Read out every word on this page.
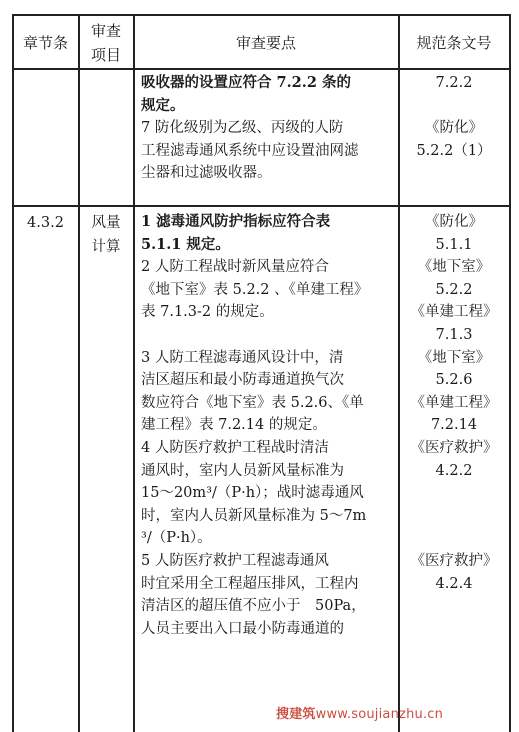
章节条
审查
项目
审查要点	规范条文号
吸收器的设置应符合 7.2.2 条的
规定。
7 防化级别为乙级、丙级的人防
工程滤毒通风系统中应设置油网滤
尘器和过滤吸收器。
7.2.2
《防化》
5.2.2（1）
4.3.2	风量
计算
1 滤毒通风防护指标应符合表
5.1.1 规定。
2 人防工程战时新风量应符合
《地下室》表 5.2.2 、《单建工程》
表 7.1.3-2 的规定。
3 人防工程滤毒通风设计中，清
洁区超压和最小防毒通道换气次
数应符合《地下室》表 5.2.6、《单
建工程》表 7.2.14 的规定。
4 人防医疗救护工程战时清洁
通风时，室内人员新风量标准为
15～20m³/（P·h）；战时滤毒通风
时，室内人员新风量标准为 5～7m
³/（P·h）。
5 人防医疗救护工程滤毒通风
时宜采用全工程超压排风，工程内
清洁区的超压值不应小于　50Pa，
人员主要出入口最小防毒通道的
《防化》
5.1.1
《地下室》
5.2.2
《单建工程》
7.1.3
《地下室》
5.2.6
《单建工程》
7.2.14
《医疗救护》
4.2.2
《医疗救护》
4.2.4
搜建筑www.soujianzhu.cn
